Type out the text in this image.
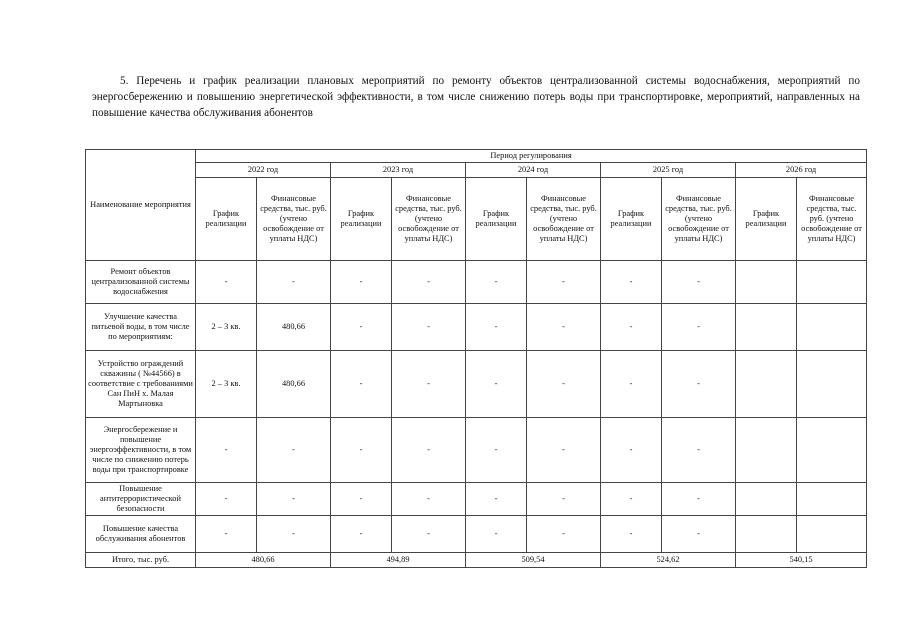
5. Перечень и график реализации плановых мероприятий по ремонту объектов централизованной системы водоснабжения, мероприятий по энергосбережению и повышению энергетической эффективности, в том числе снижению потерь воды при транспортировке, мероприятий, направленных на повышение качества обслуживания абонентов

Наименование мероприятия	Период регулирования									
	2022 год		2023 год		2024 год		2025 год		2026 год	
	График реализации	Финансовые средства, тыс. руб. (учтено освобождение от уплаты НДС)	График реализации	Финансовые средства, тыс. руб. (учтено освобождение от уплаты НДС)	График реализации	Финансовые средства, тыс. руб. (учтено освобождение от уплаты НДС)	График реализации	Финансовые средства, тыс. руб. (учтено освобождение от уплаты НДС)	График реализации	Финансовые средства, тыс. руб. (учтено освобождение от уплаты НДС)
Ремонт объектов централизованной системы водоснабжения	-	-	-	-	-	-	-	-		
Улучшение качества питьевой воды, в том числе по мероприятиям:	2 – 3 кв.	480,66	-	-	-	-	-	-		
Устройство ограждений скважины ( №44566) в соответствие с требованиями Сан ПиН х. Малая Мартыновка	2 – 3 кв.	480,66	-	-	-	-	-	-		
Энергосбережение и повышение энергоэффективности, в том числе по снижению потерь воды при транспортировке	-	-	-	-	-	-	-	-		
Повышение антитеррористической безопасности	-	-	-	-	-	-	-	-		
Повышение качества обслуживания абонентов	-	-	-	-	-	-	-	-		
Итого, тыс. руб.	480,66		494,89		509,54		524,62		540,15	
